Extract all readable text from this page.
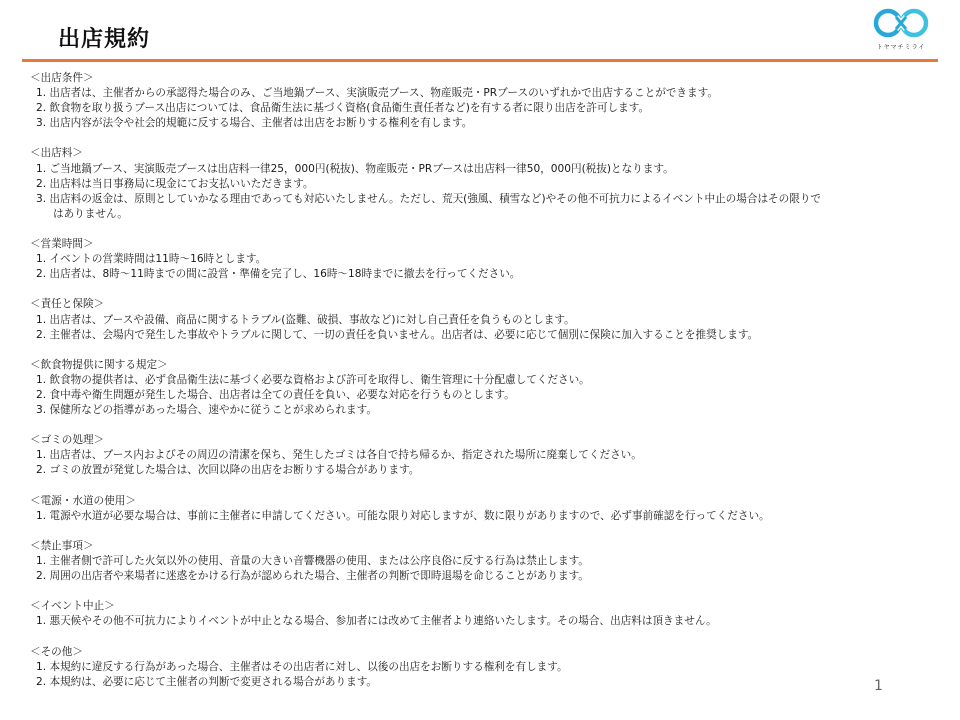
出店規約	トヤマチミライ
＜出店条件＞
1. 出店者は、主催者からの承認得た場合のみ、ご当地鍋ブース、実演販売ブース、物産販売・PRブースのいずれかで出店することができます。
2. 飲食物を取り扱うブース出店については、食品衛生法に基づく資格(食品衛生責任者など)を有する者に限り出店を許可します。
3. 出店内容が法令や社会的規範に反する場合、主催者は出店をお断りする権利を有します。
＜出店料＞
1. ご当地鍋ブース、実演販売ブースは出店料一律25，000円(税抜)、物産販売・PRブースは出店料一律50，000円(税抜)となります。
2. 出店料は当日事務局に現金にてお支払いいただきます。
3. 出店料の返金は、原則としていかなる理由であっても対応いたしません。ただし、荒天(強風、積雪など)やその他不可抗力によるイベント中止の場合はその限りで
はありません。
＜営業時間＞
1. イベントの営業時間は11時～16時とします。
2. 出店者は、8時～11時までの間に設営・準備を完了し、16時～18時までに撤去を行ってください。
＜責任と保険＞
1. 出店者は、ブースや設備、商品に関するトラブル(盗難、破損、事故など)に対し自己責任を負うものとします。
2. 主催者は、会場内で発生した事故やトラブルに関して、一切の責任を負いません。出店者は、必要に応じて個別に保険に加入することを推奨します。
＜飲食物提供に関する規定＞
1. 飲食物の提供者は、必ず食品衛生法に基づく必要な資格および許可を取得し、衛生管理に十分配慮してください。
2. 食中毒や衛生問題が発生した場合、出店者は全ての責任を負い、必要な対応を行うものとします。
3. 保健所などの指導があった場合、速やかに従うことが求められます。
＜ゴミの処理＞
1. 出店者は、ブース内およびその周辺の清潔を保ち、発生したゴミは各自で持ち帰るか、指定された場所に廃棄してください。
2. ゴミの放置が発覚した場合は、次回以降の出店をお断りする場合があります。
＜電源・水道の使用＞
1. 電源や水道が必要な場合は、事前に主催者に申請してください。可能な限り対応しますが、数に限りがありますので、必ず事前確認を行ってください。
＜禁止事項＞
1. 主催者側で許可した火気以外の使用、音量の大きい音響機器の使用、または公序良俗に反する行為は禁止します。
2. 周囲の出店者や来場者に迷惑をかける行為が認められた場合、主催者の判断で即時退場を命じることがあります。
＜イベント中止＞
1. 悪天候やその他不可抗力によりイベントが中止となる場合、参加者には改めて主催者より連絡いたします。その場合、出店料は頂きません。
＜その他＞
1. 本規約に違反する行為があった場合、主催者はその出店者に対し、以後の出店をお断りする権利を有します。
2. 本規約は、必要に応じて主催者の判断で変更される場合があります。	1
